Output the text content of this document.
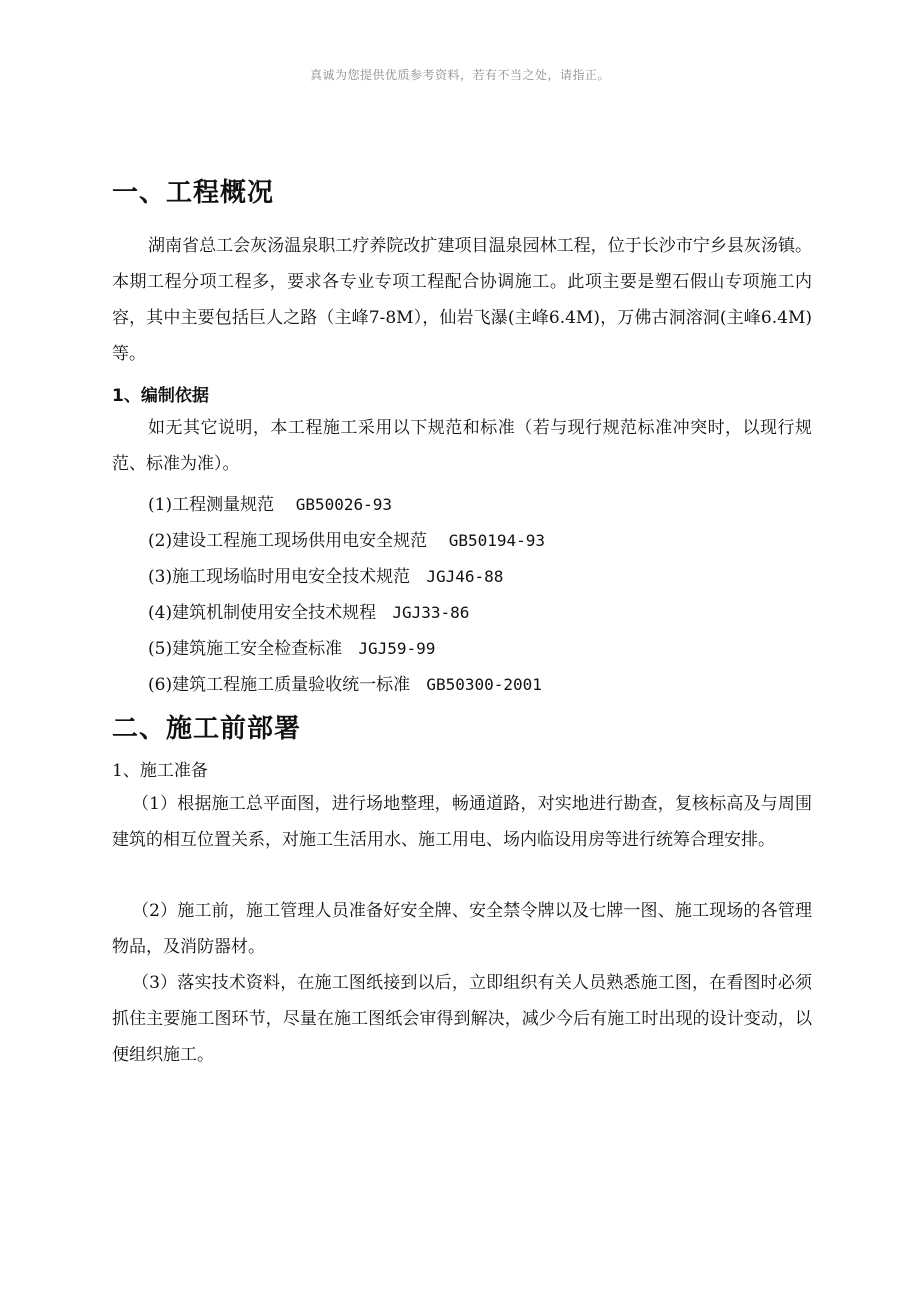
真诚为您提供优质参考资料，若有不当之处，请指正。
一、工程概况

湖南省总工会灰汤温泉职工疗养院改扩建项目温泉园林工程，位于长沙市宁乡县灰汤镇。本期工程分项工程多，要求各专业专项工程配合协调施工。此项主要是塑石假山专项施工内容，其中主要包括巨人之路（主峰7-8M），仙岩飞瀑(主峰6.4M)，万佛古洞溶洞(主峰6.4M)等。

1、编制依据

如无其它说明，本工程施工采用以下规范和标准（若与现行规范标准冲突时，以现行规范、标准为准）。

(1)工程测量规范 GB50026-93
(2)建设工程施工现场供用电安全规范 GB50194-93
(3)施工现场临时用电安全技术规范 JGJ46-88
(4)建筑机制使用安全技术规程 JGJ33-86
(5)建筑施工安全检查标准 JGJ59-99
(6)建筑工程施工质量验收统一标准 GB50300-2001
二、施工前部署
1、施工准备

（1）根据施工总平面图，进行场地整理，畅通道路，对实地进行勘查，复核标高及与周围建筑的相互位置关系，对施工生活用水、施工用电、场内临设用房等进行统筹合理安排。

（2）施工前，施工管理人员准备好安全牌、安全禁令牌以及七牌一图、施工现场的各管理物品，及消防器材。

（3）落实技术资料，在施工图纸接到以后，立即组织有关人员熟悉施工图，在看图时必须抓住主要施工图环节，尽量在施工图纸会审得到解决，减少今后有施工时出现的设计变动，以便组织施工。
